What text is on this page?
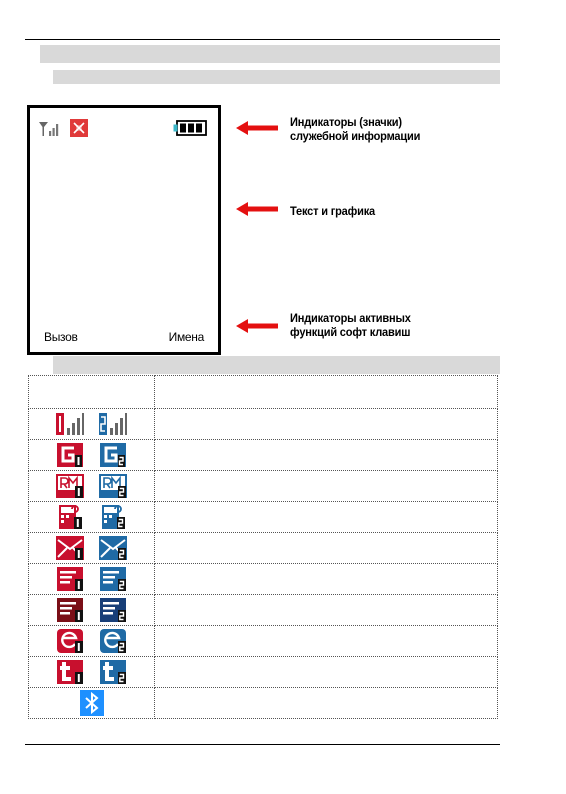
Вызов	Имена
Индикаторы (значки)
служебной информации
Текст и графика
Индикаторы активных
функций софт клавиш
